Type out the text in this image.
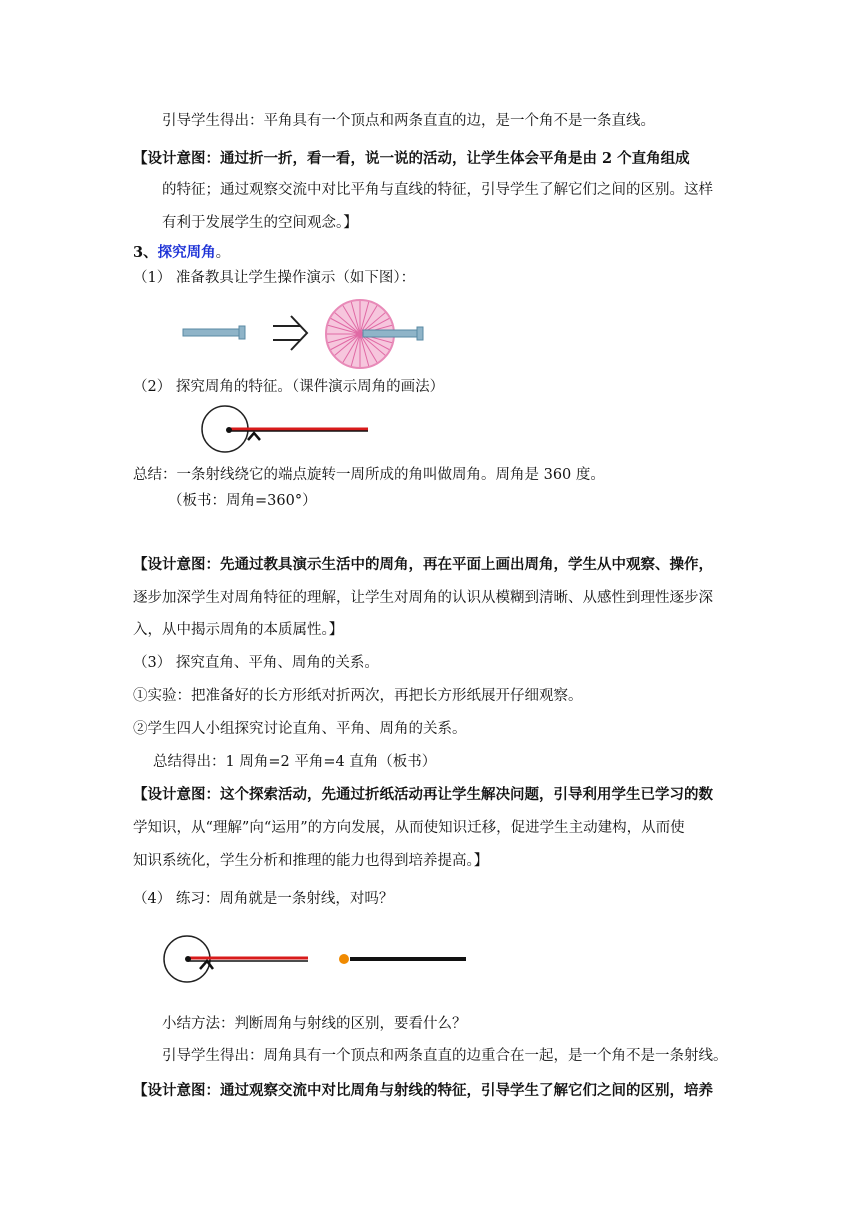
引导学生得出：平角具有一个顶点和两条直直的边，是一个角不是一条直线。
【设计意图：通过折一折，看一看，说一说的活动，让学生体会平角是由 2 个直角组成
的特征；通过观察交流中对比平角与直线的特征，引导学生了解它们之间的区别。这样
有利于发展学生的空间观念。】
3、探究周角。
（1） 准备教具让学生操作演示（如下图）：
（2） 探究周角的特征。（课件演示周角的画法）
总结：一条射线绕它的端点旋转一周所成的角叫做周角。周角是 360 度。
（板书：周角=360°）
【设计意图：先通过教具演示生活中的周角，再在平面上画出周角，学生从中观察、操作，
逐步加深学生对周角特征的理解，让学生对周角的认识从模糊到清晰、从感性到理性逐步深
入，从中揭示周角的本质属性。】
（3） 探究直角、平角、周角的关系。
①实验：把准备好的长方形纸对折两次，再把长方形纸展开仔细观察。
②学生四人小组探究讨论直角、平角、周角的关系。
总结得出：1 周角=2 平角=4 直角（板书）
【设计意图：这个探索活动，先通过折纸活动再让学生解决问题，引导利用学生已学习的数
学知识，从“理解”向“运用”的方向发展，从而使知识迁移，促进学生主动建构，从而使
知识系统化，学生分析和推理的能力也得到培养提高。】
（4） 练习：周角就是一条射线，对吗？
小结方法：判断周角与射线的区别，要看什么？
引导学生得出：周角具有一个顶点和两条直直的边重合在一起，是一个角不是一条射线。
【设计意图：通过观察交流中对比周角与射线的特征，引导学生了解它们之间的区别，培养
